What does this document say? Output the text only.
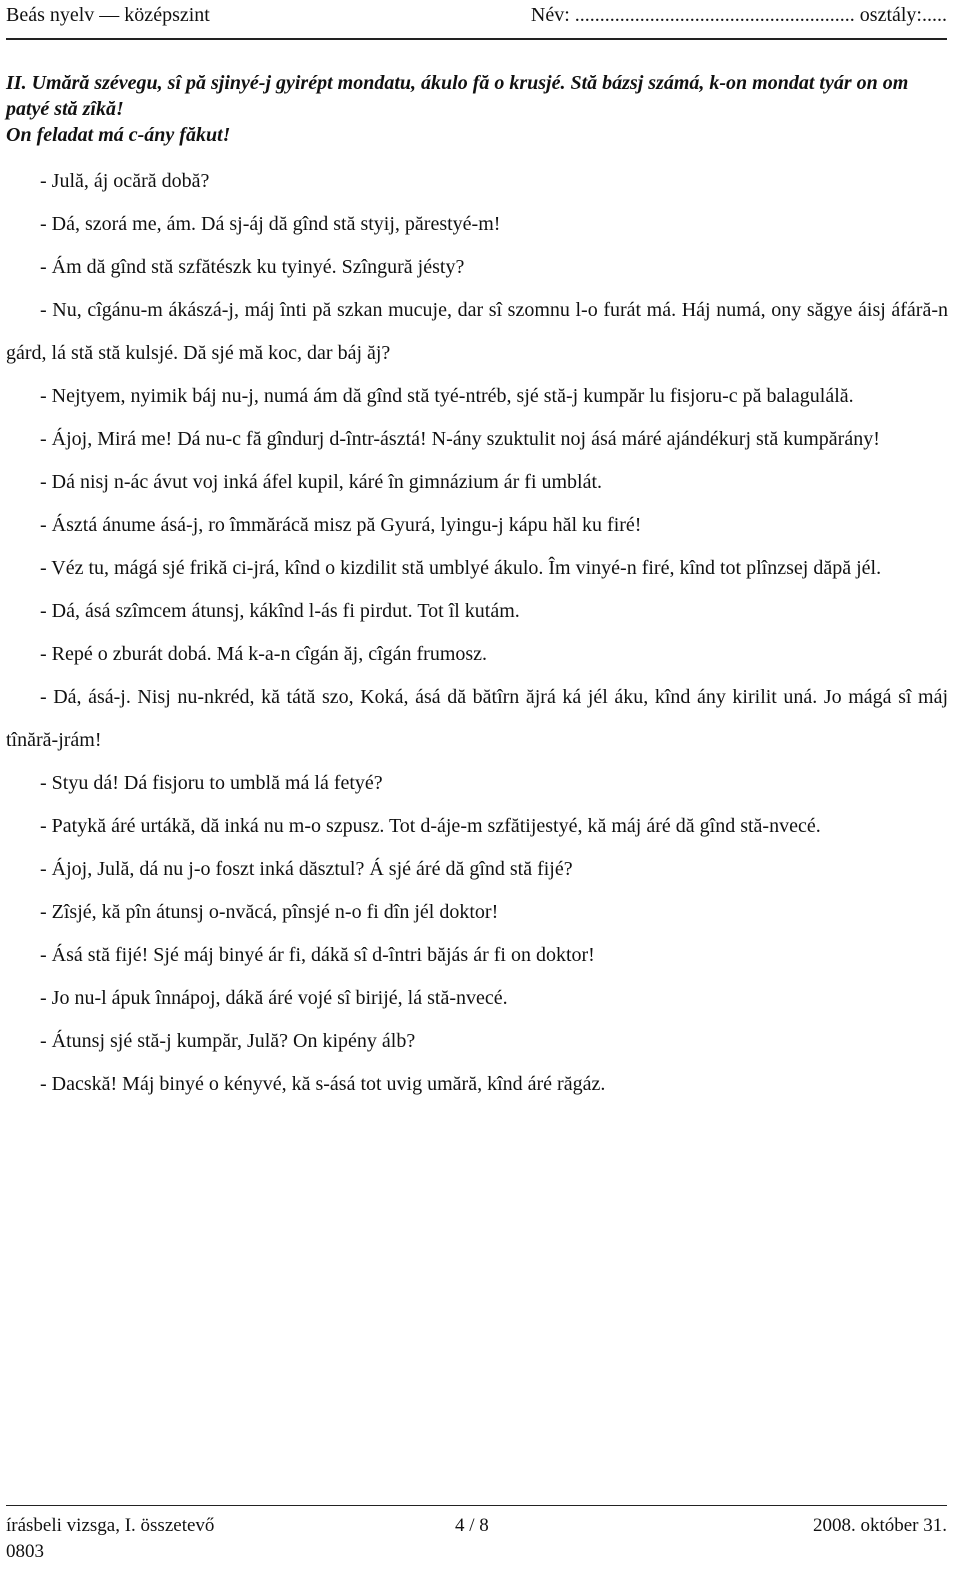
Beás nyelv — középszint	Név: ........................................................ osztály:.....

II. Umără szévegu, sî pă sjinyé-j gyirépt mondatu, ákulo fă o krusjé. Stă bázsj számá, k-on mondat tyár on om patyé stă zîkă!

On feladat má c-ány făkut!

- Julă, áj ocără dobă?

- Dá, szorá me, ám. Dá sj-áj dă gînd stă styij, părestyé-m!

- Ám dă gînd stă szfătészk ku tyinyé. Szîngură jésty?

- Nu, cîgánu-m ákászá-j, máj înti pă szkan mucuje, dar sî szomnu l-o furát má. Háj numá, ony săgye áisj áfáră-n gárd, lá stă stă kulsjé. Dă sjé mă koc, dar báj ăj?

- Nejtyem, nyimik báj nu-j, numá ám dă gînd stă tyé-ntréb, sjé stă-j kumpăr lu fisjoru-c pă balagulálă.

- Ájoj, Mirá me! Dá nu-c fă gîndurj d-într-ásztá! N-ány szuktulit noj ásá máré ajándékurj stă kumpărány!

- Dá nisj n-ác ávut voj inká áfel kupil, káré în gimnázium ár fi umblát.

- Ásztá ánume ásá-j, ro îmmărácă misz pă Gyurá, lyingu-j kápu hăl ku firé!

- Véz tu, mágá sjé frikă ci-jrá, kînd o kizdilit stă umblyé ákulo. Îm vinyé-n firé, kînd tot plînzsej dăpă jél.

- Dá, ásá szîmcem átunsj, kákînd l-ás fi pirdut. Tot îl kutám.

- Repé o zburát dobá. Má k-a-n cîgán ăj, cîgán frumosz.

- Dá, ásá-j. Nisj nu-nkréd, kă tátă szo, Koká, ásá dă bătîrn ăjrá ká jél áku, kînd ány kirilit uná. Jo mágá sî máj tînără-jrám!

- Styu dá! Dá fisjoru to umblă má lá fetyé?

- Patykă áré urtákă, dă inká nu m-o szpusz. Tot d-áje-m szfătijestyé, kă máj áré dă gînd stă-nvecé.

- Ájoj, Julă, dá nu j-o foszt inká dăsztul? Á sjé áré dă gînd stă fijé?

- Zîsjé, kă pîn átunsj o-nvăcá, pînsjé n-o fi dîn jél doktor!

- Ásá stă fijé! Sjé máj binyé ár fi, dákă sî d-întri băjás ár fi on doktor!

- Jo nu-l ápuk înnápoj, dákă áré vojé sî birijé, lá stă-nvecé.

- Átunsj sjé stă-j kumpăr, Julă? On kipény álb?

- Dacskă! Máj binyé o kényvé, kă s-ásá tot uvig umără, kînd áré răgáz.

írásbeli vizsga, I. összetevő	4 / 8	2008. október 31.
0803
